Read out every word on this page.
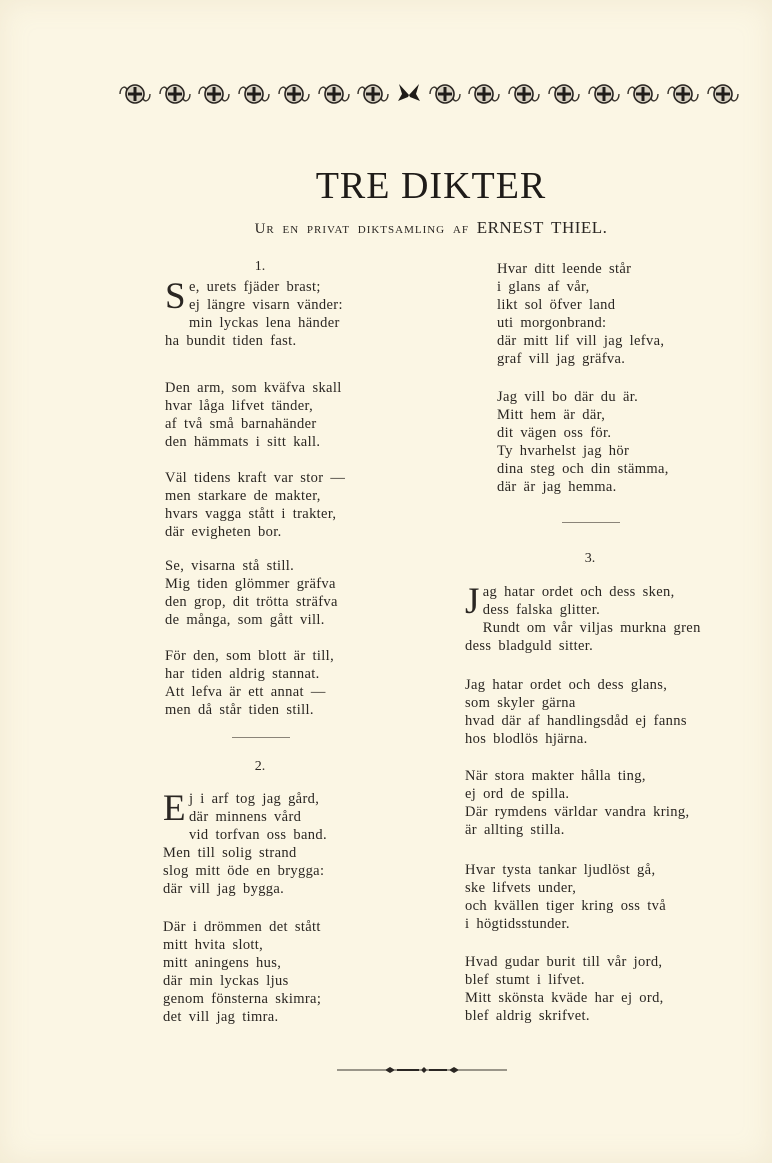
TRE DIKTER
Ur en privat diktsamling af ERNEST THIEL.
1.
S e, urets fjäder brast;
ej längre visarn vänder:
min lyckas lena händer
ha bundit tiden fast.
Den arm, som kväfva skall
hvar låga lifvet tänder,
af två små barnahänder
den hämmats i sitt kall.
Väl tidens kraft var stor —
men starkare de makter,
hvars vagga stått i trakter,
där evigheten bor.
Se, visarna stå still.
Mig tiden glömmer gräfva
den grop, dit trötta sträfva
de många, som gått vill.
För den, som blott är till,
har tiden aldrig stannat.
Att lefva är ett annat —
men då står tiden still.
2.
E j i arf tog jag gård,
där minnens vård
vid torfvan oss band.
Men till solig strand
slog mitt öde en brygga:
där vill jag bygga.
Där i drömmen det stått
mitt hvita slott,
mitt aningens hus,
där min lyckas ljus
genom fönsterna skimra;
det vill jag timra.
Hvar ditt leende står
i glans af vår,
likt sol öfver land
uti morgonbrand:
där mitt lif vill jag lefva,
graf vill jag gräfva.
Jag vill bo där du är.
Mitt hem är där,
dit vägen oss för.
Ty hvarhelst jag hör
dina steg och din stämma,
där är jag hemma.
3.
J ag hatar ordet och dess sken,
dess falska glitter.
Rundt om vår viljas murkna gren
dess bladguld sitter.
Jag hatar ordet och dess glans,
som skyler gärna
hvad där af handlingsdåd ej fanns
hos blodlös hjärna.
När stora makter hålla ting,
ej ord de spilla.
Där rymdens världar vandra kring,
är allting stilla.
Hvar tysta tankar ljudlöst gå,
ske lifvets under,
och kvällen tiger kring oss två
i högtidsstunder.
Hvad gudar burit till vår jord,
blef stumt i lifvet.
Mitt skönsta kväde har ej ord,
blef aldrig skrifvet.
